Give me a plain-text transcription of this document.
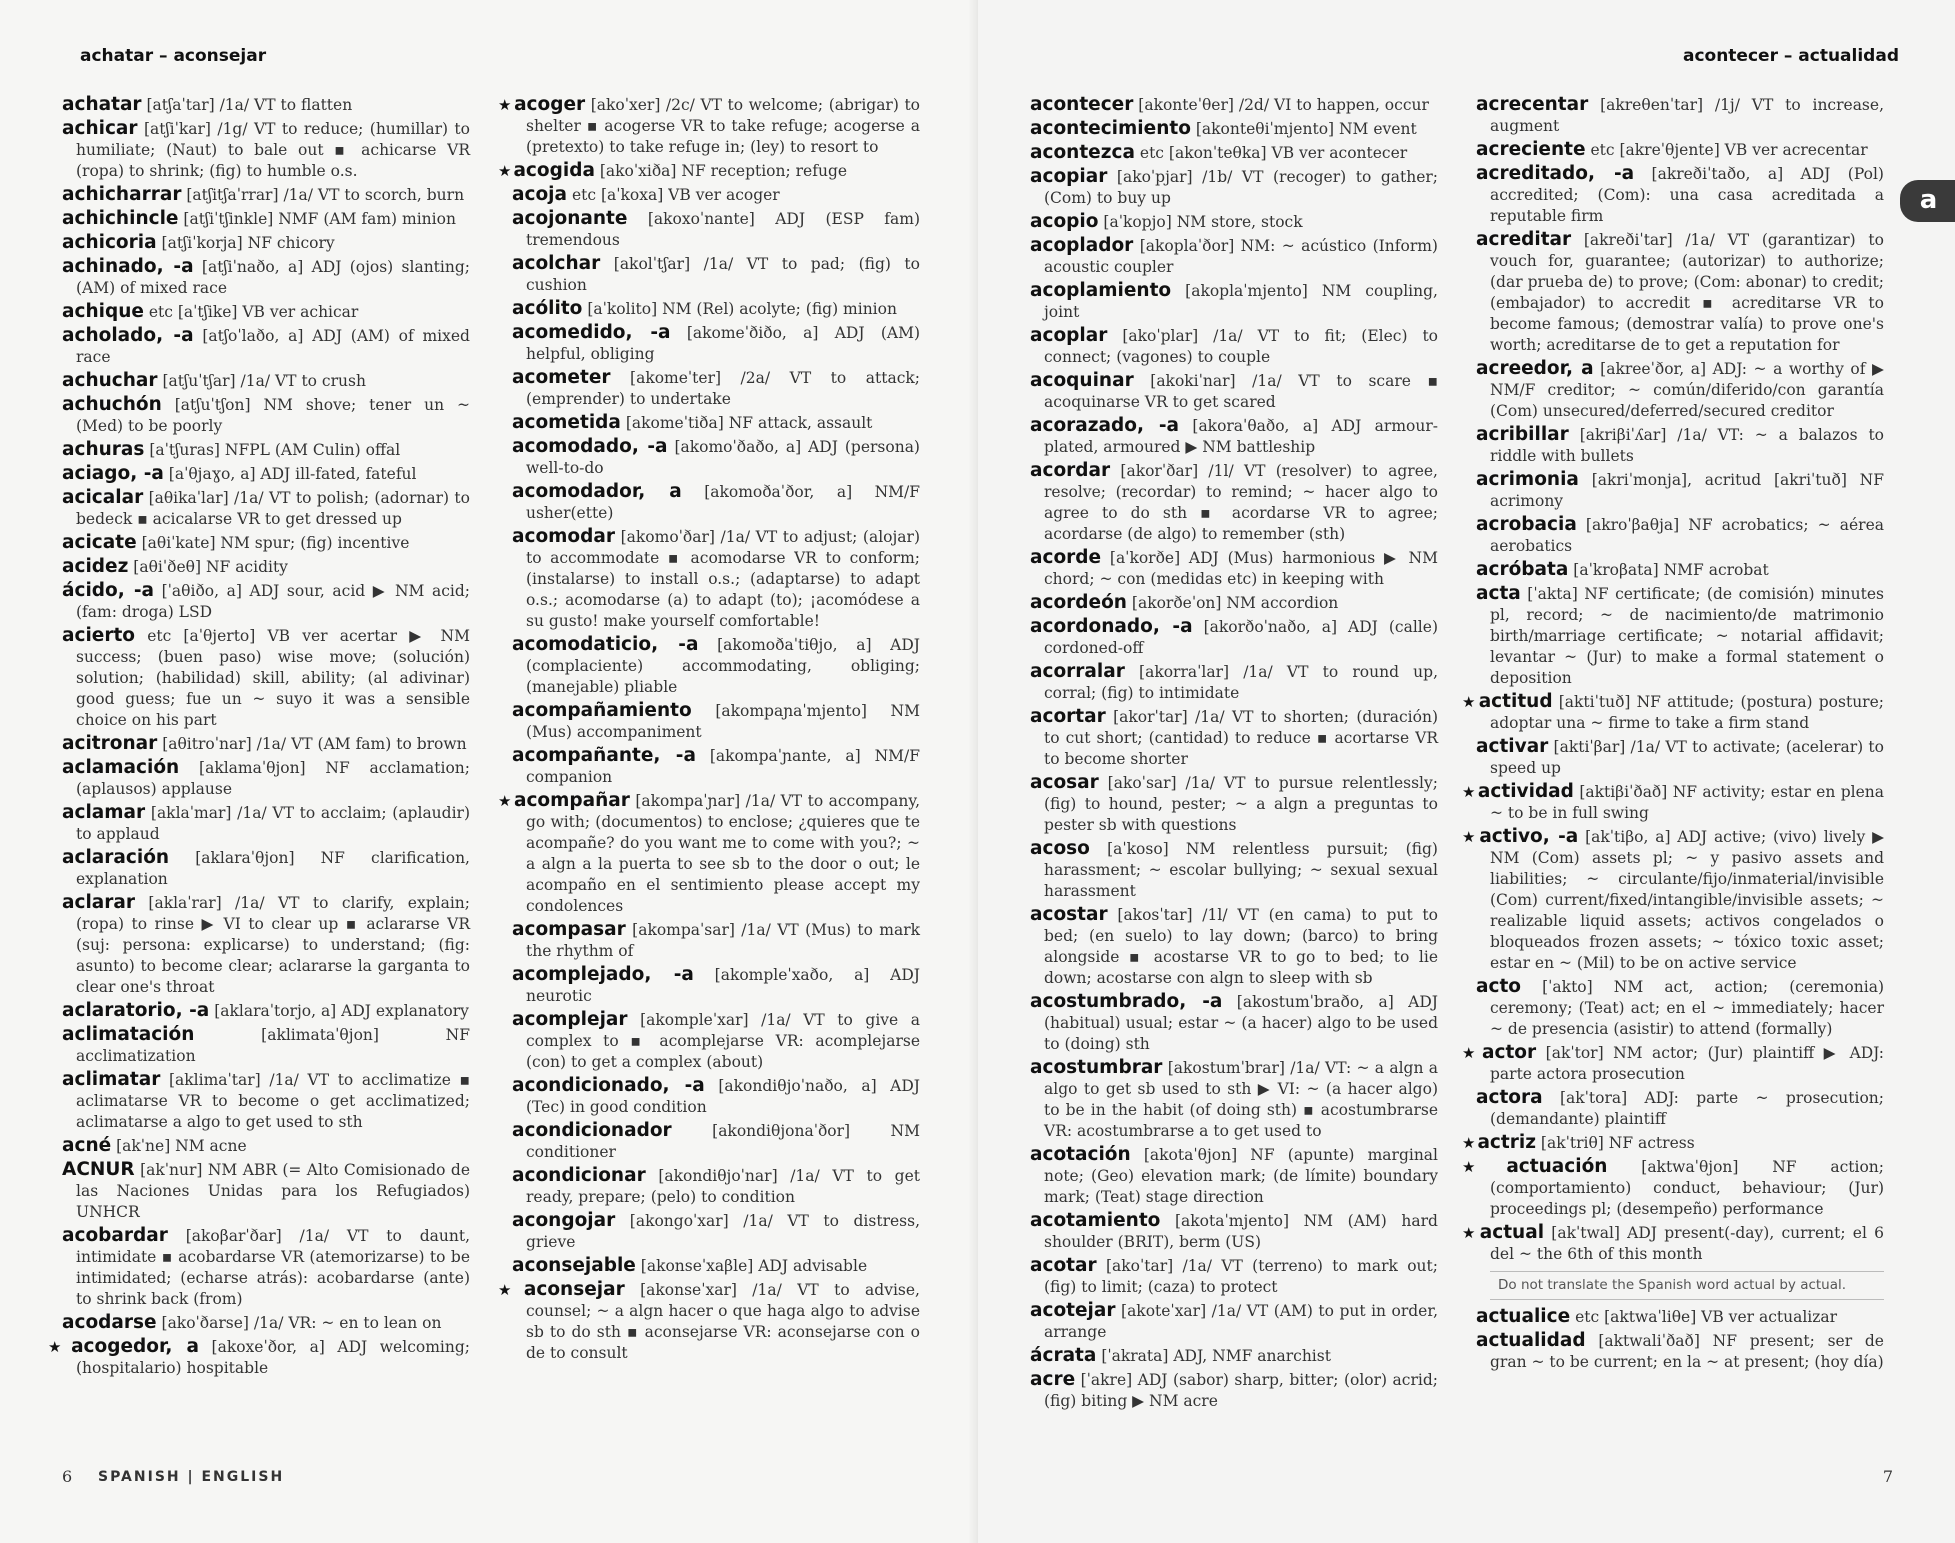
achatar – aconsejar

achatar [atʃaˈtar] /1a/ VT to flatten

achicar [atʃiˈkar] /1g/ VT to reduce; (humillar) to humiliate; (Naut) to bale out ▪ achicarse VR (ropa) to shrink; (fig) to humble o.s.

achicharrar [atʃitʃaˈrrar] /1a/ VT to scorch, burn

achichincle [atʃiˈtʃinkle] NMF (AM fam) minion

achicoria [atʃiˈkorja] NF chicory

achinado, -a [atʃiˈnaðo, a] ADJ (ojos) slanting; (AM) of mixed race

achique etc [aˈtʃike] VB ver achicar

acholado, -a [atʃoˈlaðo, a] ADJ (AM) of mixed race

achuchar [atʃuˈtʃar] /1a/ VT to crush

achuchón [atʃuˈtʃon] NM shove; tener un ~ (Med) to be poorly

achuras [aˈtʃuras] NFPL (AM Culin) offal

aciago, -a [aˈθjaɣo, a] ADJ ill-fated, fateful

acicalar [aθikaˈlar] /1a/ VT to polish; (adornar) to bedeck ▪ acicalarse VR to get dressed up

acicate [aθiˈkate] NM spur; (fig) incentive

acidez [aθiˈðeθ] NF acidity

ácido, -a [ˈaθiðo, a] ADJ sour, acid ▶ NM acid; (fam: droga) LSD

acierto etc [aˈθjerto] VB ver acertar ▶ NM success; (buen paso) wise move; (solución) solution; (habilidad) skill, ability; (al adivinar) good guess; fue un ~ suyo it was a sensible choice on his part

acitronar [aθitroˈnar] /1a/ VT (AM fam) to brown

aclamación [aklamaˈθjon] NF acclamation; (aplausos) applause

aclamar [aklaˈmar] /1a/ VT to acclaim; (aplaudir) to applaud

aclaración [aklaraˈθjon] NF clarification, explanation

aclarar [aklaˈrar] /1a/ VT to clarify, explain; (ropa) to rinse ▶ VI to clear up ▪ aclararse VR (suj: persona: explicarse) to understand; (fig: asunto) to become clear; aclararse la garganta to clear one's throat

aclaratorio, -a [aklaraˈtorjo, a] ADJ explanatory

aclimatación	[aklimataˈθjon] NF acclimatization

aclimatar [aklimaˈtar] /1a/ VT to acclimatize ▪ aclimatarse VR to become o get acclimatized; aclimatarse a algo to get used to sth

acné [akˈne] NM acne

ACNUR [akˈnur] NM ABR (= Alto Comisionado de las Naciones Unidas para los Refugiados) UNHCR

acobardar [akoβarˈðar] /1a/ VT to daunt, intimidate ▪ acobardarse VR (atemorizarse) to be intimidated; (echarse atrás): acobardarse (ante) to shrink back (from)

acodarse [akoˈðarse] /1a/ VR: ~ en to lean on

★ acogedor, a [akoxeˈðor, a] ADJ welcoming; (hospitalario) hospitable

★ acoger [akoˈxer] /2c/ VT to welcome; (abrigar) to shelter ▪ acogerse VR to take refuge; acogerse a (pretexto) to take refuge in; (ley) to resort to

★ acogida [akoˈxiða] NF reception; refuge

acoja etc [aˈkoxa] VB ver acoger

acojonante [akoxoˈnante] ADJ (ESP fam) tremendous

acolchar [akolˈtʃar] /1a/ VT to pad; (fig) to cushion

acólito [aˈkolito] NM (Rel) acolyte; (fig) minion

acomedido, -a [akomeˈðiðo, a] ADJ (AM) helpful, obliging

acometer [akomeˈter] /2a/ VT to attack; (emprender) to undertake

acometida [akomeˈtiða] NF attack, assault

acomodado, -a [akomoˈðaðo, a] ADJ (persona) well-to-do

acomodador, a [akomoðaˈðor, a] NM/F usher(ette)

acomodar [akomoˈðar] /1a/ VT to adjust; (alojar) to accommodate ▪ acomodarse VR to conform; (instalarse) to install o.s.; (adaptarse) to adapt o.s.; acomodarse (a) to adapt (to); ¡acomódese a su gusto! make yourself comfortable!

acomodaticio, -a [akomoðaˈtiθjo, a] ADJ (complaciente) accommodating, obliging; (manejable) pliable

acompañamiento [akompaɲaˈmjento] NM (Mus) accompaniment

acompañante, -a [akompaˈɲante, a] NM/F companion

★ acompañar [akompaˈɲar] /1a/ VT to accompany, go with; (documentos) to enclose; ¿quieres que te acompañe? do you want me to come with you?; ~ a algn a la puerta to see sb to the door o out; le acompaño en el sentimiento please accept my condolences

acompasar [akompaˈsar] /1a/ VT (Mus) to mark the rhythm of

acomplejado, -a [akompleˈxaðo, a] ADJ neurotic

acomplejar [akompleˈxar] /1a/ VT to give a complex to ▪ acomplejarse VR: acomplejarse (con) to get a complex (about)

acondicionado, -a [akondiθjoˈnaðo, a] ADJ (Tec) in good condition

acondicionador	[akondiθjonaˈðor] NM conditioner

acondicionar [akondiθjoˈnar] /1a/ VT to get ready, prepare; (pelo) to condition

acongojar [akongoˈxar] /1a/ VT to distress, grieve

aconsejable [akonseˈxaβle] ADJ advisable

★ aconsejar [akonseˈxar] /1a/ VT to advise, counsel; ~ a algn hacer o que haga algo to advise sb to do sth ▪ aconsejarse VR: aconsejarse con o de to consult

6 SPANISH | ENGLISH

acontecer – actualidad

acontecer [akonteˈθer] /2d/ VI to happen, occur

acontecimiento [akonteθiˈmjento] NM event

acontezca etc [akonˈteθka] VB ver acontecer

acopiar [akoˈpjar] /1b/ VT (recoger) to gather; (Com) to buy up

acopio [aˈkopjo] NM store, stock

acoplador [akoplaˈðor] NM: ~ acústico (Inform) acoustic coupler

acoplamiento [akoplaˈmjento] NM coupling, joint

acoplar [akoˈplar] /1a/ VT to fit; (Elec) to connect; (vagones) to couple

acoquinar [akokiˈnar] /1a/ VT to scare ▪ acoquinarse VR to get scared

acorazado, -a [akoraˈθaðo, a] ADJ armour-plated, armoured ▶ NM battleship

acordar [akorˈðar] /1l/ VT (resolver) to agree, resolve; (recordar) to remind; ~ hacer algo to agree to do sth ▪ acordarse VR to agree; acordarse (de algo) to remember (sth)

acorde [aˈkorðe] ADJ (Mus) harmonious ▶ NM chord; ~ con (medidas etc) in keeping with

acordeón [akorðeˈon] NM accordion

acordonado, -a [akorðoˈnaðo, a] ADJ (calle) cordoned-off

acorralar [akorraˈlar] /1a/ VT to round up, corral; (fig) to intimidate

acortar [akorˈtar] /1a/ VT to shorten; (duración) to cut short; (cantidad) to reduce ▪ acortarse VR to become shorter

acosar [akoˈsar] /1a/ VT to pursue relentlessly; (fig) to hound, pester; ~ a algn a preguntas to pester sb with questions

acoso [aˈkoso] NM relentless pursuit; (fig) harassment; ~ escolar bullying; ~ sexual sexual harassment

acostar [akosˈtar] /1l/ VT (en cama) to put to bed; (en suelo) to lay down; (barco) to bring alongside ▪ acostarse VR to go to bed; to lie down; acostarse con algn to sleep with sb

acostumbrado, -a [akostumˈbraðo, a] ADJ (habitual) usual; estar ~ (a hacer) algo to be used to (doing) sth

acostumbrar [akostumˈbrar] /1a/ VT: ~ a algn a algo to get sb used to sth ▶ VI: ~ (a hacer algo) to be in the habit (of doing sth) ▪ acostumbrarse VR: acostumbrarse a to get used to

acotación [akotaˈθjon] NF (apunte) marginal note; (Geo) elevation mark; (de límite) boundary mark; (Teat) stage direction

acotamiento [akotaˈmjento] NM (AM) hard shoulder (BRIT), berm (US)

acotar [akoˈtar] /1a/ VT (terreno) to mark out; (fig) to limit; (caza) to protect

acotejar [akoteˈxar] /1a/ VT (AM) to put in order, arrange

ácrata [ˈakrata] ADJ, NMF anarchist

acre [ˈakre] ADJ (sabor) sharp, bitter; (olor) acrid; (fig) biting ▶ NM acre

acrecentar [akreθenˈtar] /1j/ VT to increase, augment

acreciente etc [akreˈθjente] VB ver acrecentar

acreditado, -a [akreðiˈtaðo, a] ADJ (Pol) accredited; (Com): una casa acreditada a reputable firm

acreditar [akreðiˈtar] /1a/ VT (garantizar) to vouch for, guarantee; (autorizar) to authorize; (dar prueba de) to prove; (Com: abonar) to credit; (embajador) to accredit ▪ acreditarse VR to become famous; (demostrar valía) to prove one's worth; acreditarse de to get a reputation for

acreedor, a [akreeˈðor, a] ADJ: ~ a worthy of ▶ NM/F creditor; ~ común/diferido/con garantía (Com) unsecured/deferred/secured creditor

acribillar [akriβiˈʎar] /1a/ VT: ~ a balazos to riddle with bullets

acrimonia [akriˈmonja], acritud [akriˈtuð] NF acrimony

acrobacia [akroˈβaθja] NF acrobatics; ~ aérea aerobatics

acróbata [aˈkroβata] NMF acrobat

acta [ˈakta] NF certificate; (de comisión) minutes pl, record; ~ de nacimiento/de matrimonio birth/marriage certificate; ~ notarial affidavit; levantar ~ (Jur) to make a formal statement o deposition

★ actitud [aktiˈtuð] NF attitude; (postura) posture; adoptar una ~ firme to take a firm stand

activar [aktiˈβar] /1a/ VT to activate; (acelerar) to speed up

★ actividad [aktiβiˈðað] NF activity; estar en plena ~ to be in full swing

★ activo, -a [akˈtiβo, a] ADJ active; (vivo) lively ▶ NM (Com) assets pl; ~ y pasivo assets and liabilities; ~ circulante/fijo/inmaterial/invisible (Com) current/fixed/intangible/invisible assets; ~ realizable liquid assets; activos congelados o bloqueados frozen assets; ~ tóxico toxic asset; estar en ~ (Mil) to be on active service

acto [ˈakto] NM act, action; (ceremonia) ceremony; (Teat) act; en el ~ immediately; hacer ~ de presencia (asistir) to attend (formally)

★ actor [akˈtor] NM actor; (Jur) plaintiff ▶ ADJ: parte actora prosecution

actora [akˈtora] ADJ: parte ~ prosecution; (demandante) plaintiff

★ actriz [akˈtriθ] NF actress

★ actuación [aktwaˈθjon] NF action; (comportamiento) conduct, behaviour; (Jur) proceedings pl; (desempeño) performance

★ actual [akˈtwal] ADJ present(-day), current; el 6 del ~ the 6th of this month

Do not translate the Spanish word actual by actual.

actualice etc [aktwaˈliθe] VB ver actualizar

actualidad [aktwaliˈðað] NF present; ser de gran ~ to be current; en la ~ at present; (hoy día)

7

a
